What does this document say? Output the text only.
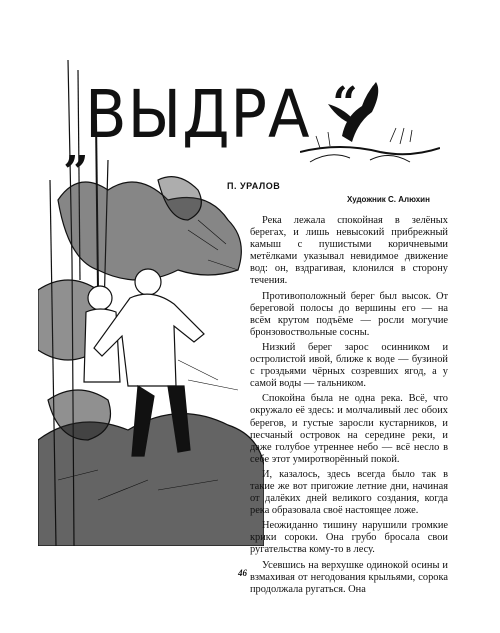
„ ВЫДРА “
П. УРАЛОВ
Художник С. Алюхин

Река лежала спокойная в зелёных берегах, и лишь невысокий прибрежный камыш с пушистыми коричневыми метёлками указывал невидимое движение вод: он, вздрагивая, клонился в сторону течения.

Противоположный берег был высок. От береговой полосы до вершины его — на всём крутом подъёме — росли могучие бронзовоствольные сосны.

Низкий берег зарос осинником и остролистой ивой, ближе к воде — бузиной с гроздьями чёрных созревших ягод, а у самой воды — тальником.

Спокойна была не одна река. Всё, что окружало её здесь: и молчаливый лес обоих берегов, и густые заросли кустарников, и песчаный островок на середине реки, и даже голубое утреннее небо — всё несло в себе этот умиротворённый покой.

И, казалось, здесь всегда было так в такие же вот пригожие летние дни, начиная от далёких дней великого создания, когда река образовала своё настоящее ложе.

Неожиданно тишину нарушили громкие крики сороки. Она грубо бросала свои ругательства кому-то в лесу.

Усевшись на верхушке одинокой осины и взмахивая от негодования крыльями, сорока продолжала ругаться. Она

46
